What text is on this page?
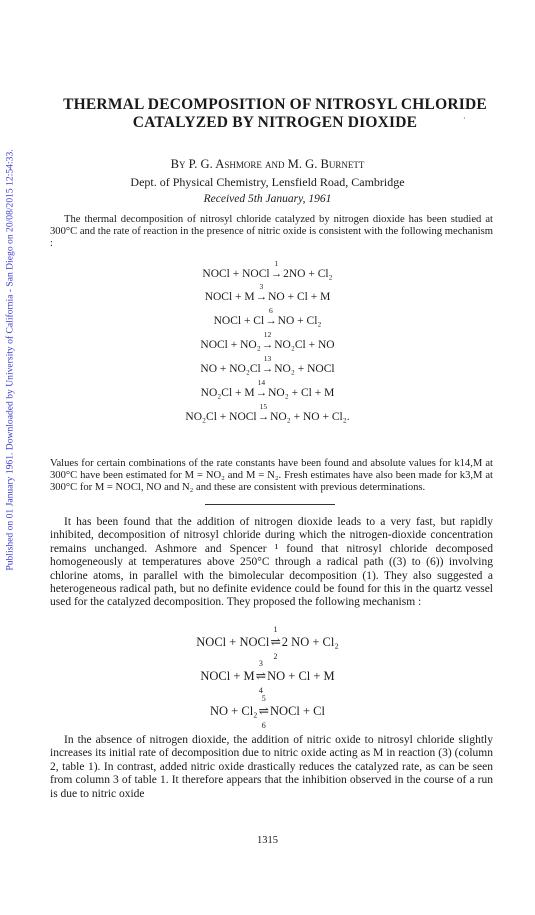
Published on 01 January 1961. Downloaded by University of California - San Diego on 20/08/2015 12:54:33.
THERMAL DECOMPOSITION OF NITROSYL CHLORIDE
CATALYZED BY NITROGEN DIOXIDE	·
By P. G. Ashmore and M. G. Burnett
Dept. of Physical Chemistry, Lensfield Road, Cambridge
Received 5th January, 1961

The thermal decomposition of nitrosyl chloride catalyzed by nitrogen dioxide has been studied at 300°C and the rate of reaction in the presence of nitric oxide is consistent with the following mechanism :

NOCl + NOCl→
1
2NO + Cl₂
NOCl + M→
3
NO + Cl + M
NOCl + Cl→
6
NO + Cl₂
NOCl + NO₂→
12
NO₂Cl + NO
NO + NO₂Cl→
13
NO₂ + NOCl
NO₂Cl + M→
14
NO₂ + Cl + M
NO₂Cl + NOCl→
15
NO₂ + NO + Cl₂.

Values for certain combinations of the rate constants have been found and absolute values for k14,M at 300°C have been estimated for M = NO₂ and M = N₂. Fresh estimates have also been made for k3,M at 300°C for M = NOCl, NO and N₂ and these are consistent with previous determinations.

It has been found that the addition of nitrogen dioxide leads to a very fast, but rapidly inhibited, decomposition of nitrosyl chloride during which the nitrogen-dioxide concentration remains unchanged. Ashmore and Spencer ¹ found that nitrosyl chloride decomposed homogeneously at temperatures above 250°C through a radical path ((3) to (6)) involving chlorine atoms, in parallel with the bimolecular decomposition (1). They also suggested a heterogeneous radical path, but no definite evidence could be found for this in the quartz vessel used for the catalyzed decomposition. They proposed the following mechanism :

NOCl + NOCl⇌
1
2
2 NO + Cl₂
NOCl + M⇌
3
4
NO + Cl + M
NO + Cl₂⇌
5
6
NOCl + Cl

In the absence of nitrogen dioxide, the addition of nitric oxide to nitrosyl chloride slightly increases its initial rate of decomposition due to nitric oxide acting as M in reaction (3) (column 2, table 1). In contrast, added nitric oxide drastically reduces the catalyzed rate, as can be seen from column 3 of table 1. It therefore appears that the inhibition observed in the course of a run is due to nitric oxide

1315
